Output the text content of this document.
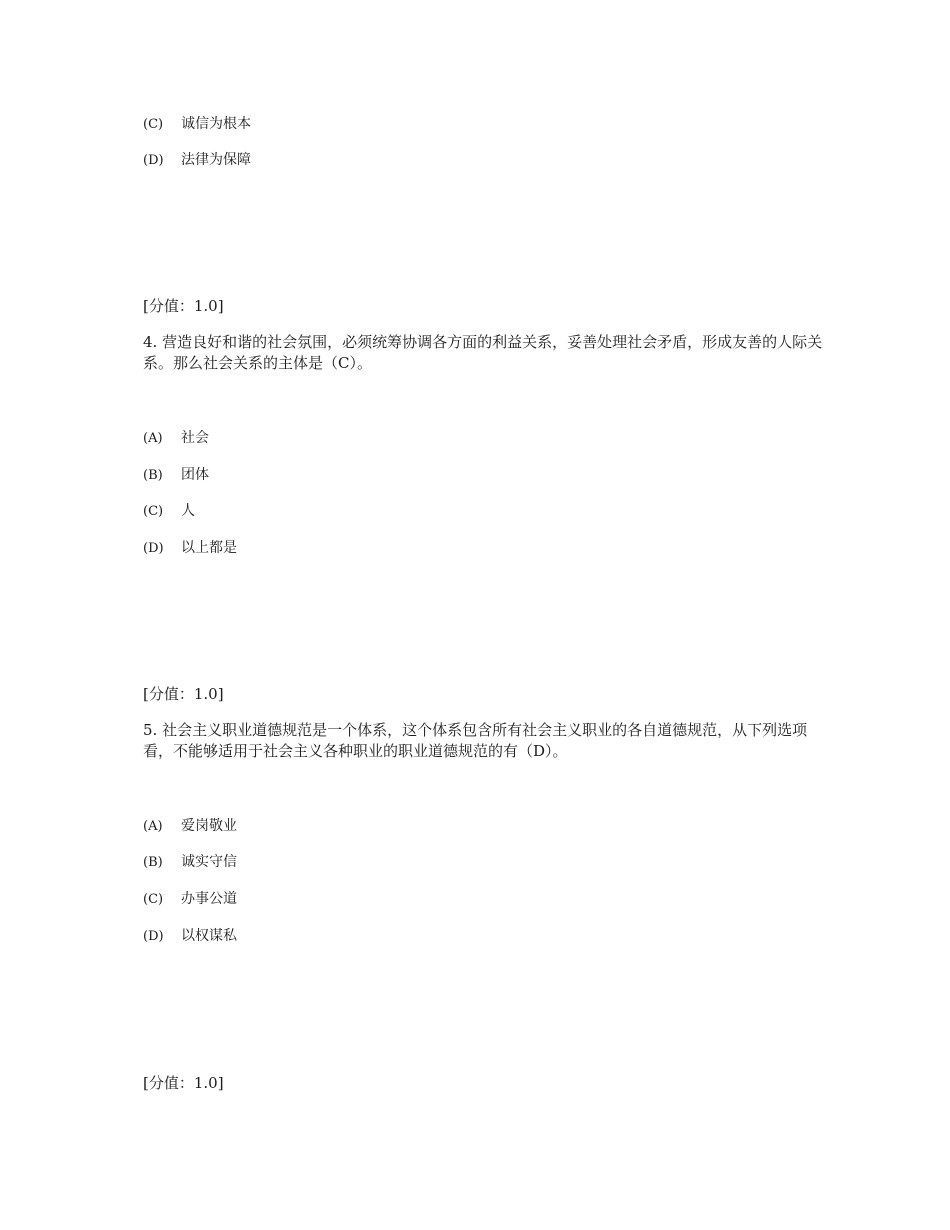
(C) 诚信为根本
(D) 法律为保障
[分值：1.0]
4. 营造良好和谐的社会氛围，必须统筹协调各方面的利益关系，妥善处理社会矛盾，形成友善的人际关系。那么社会关系的主体是（C）。
(A) 社会
(B) 团体
(C) 人
(D) 以上都是
[分值：1.0]
5. 社会主义职业道德规范是一个体系，这个体系包含所有社会主义职业的各自道德规范，从下列选项看，不能够适用于社会主义各种职业的职业道德规范的有（D）。
(A) 爱岗敬业
(B) 诚实守信
(C) 办事公道
(D) 以权谋私
[分值：1.0]
